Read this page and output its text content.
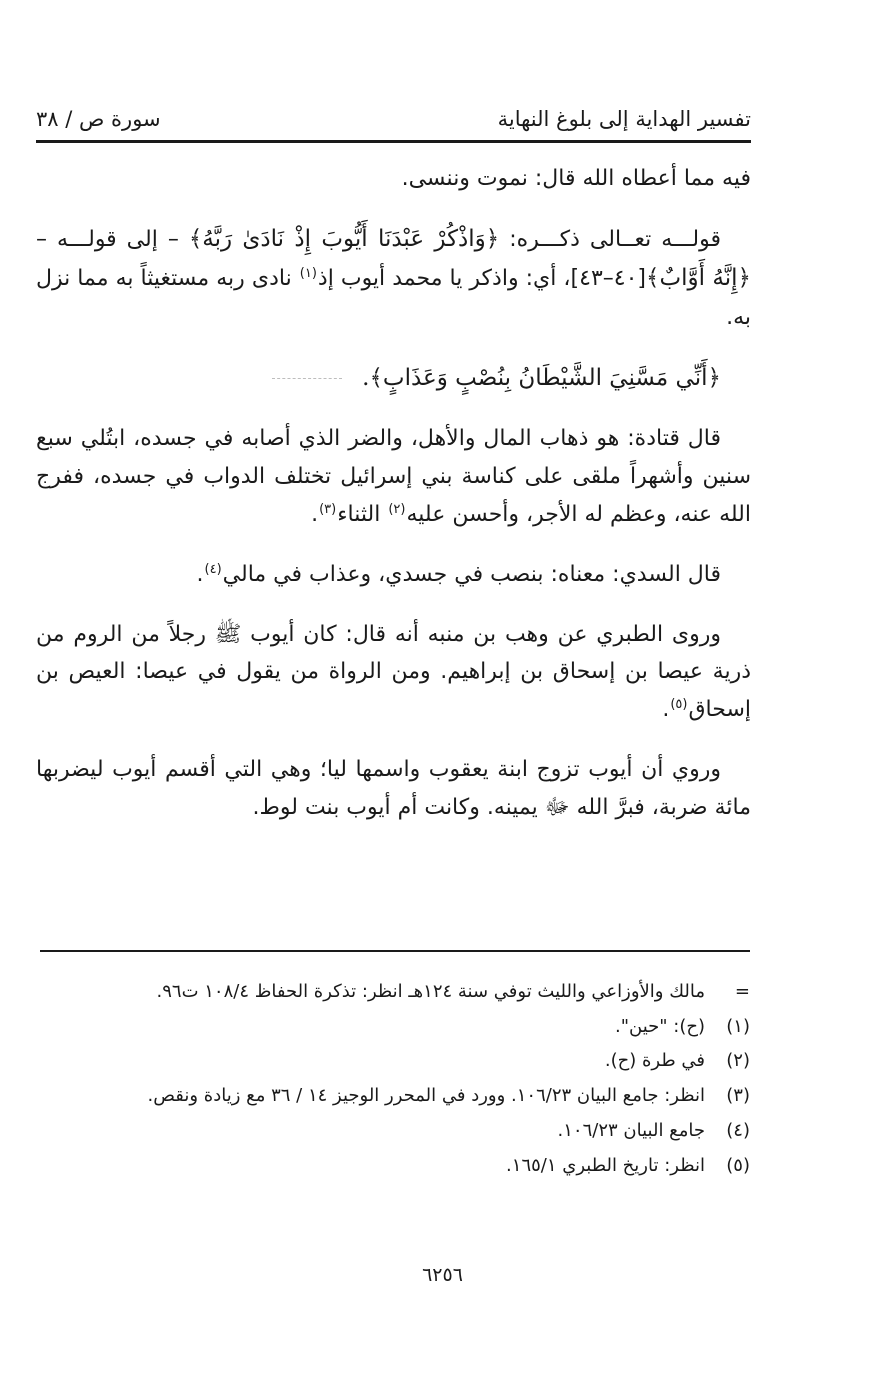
تفسير الهداية إلى بلوغ النهاية
سورة ص / ٣٨

فيه مما أعطاه الله قال: نموت وننسى.

قولـــه تعــالى ذكـــره: ﴿وَاذْكُرْ عَبْدَنَا أَيُّوبَ إِذْ نَادَىٰ رَبَّهُ﴾ – إلى قولـــه – ﴿إِنَّهُ أَوَّابٌ﴾[٤٠–٤٣]، أي: واذكر يا محمد أيوب إذ$^{(١)}$ نادى ربه مستغيثاً به مما نزل به.

﴿أَنِّي مَسَّنِيَ الشَّيْطَانُ بِنُصْبٍ وَعَذَابٍ﴾.

قال قتادة: هو ذهاب المال والأهل، والضر الذي أصابه في جسده، ابتُلي سبع سنين وأشهراً ملقى على كناسة بني إسرائيل تختلف الدواب في جسده، ففرج الله عنه، وعظم له الأجر، وأحسن عليه$^{(٢)}$ الثناء$^{(٣)}$.

قال السدي: معناه: بنصب في جسدي، وعذاب في مالي$^{(٤)}$.

وروى الطبري عن وهب بن منبه أنه قال: كان أيوب ﷺ رجلاً من الروم من ذرية عيصا بن إسحاق بن إبراهيم. ومن الرواة من يقول في عيصا: العيص بن إسحاق$^{(٥)}$.

وروي أن أيوب تزوج ابنة يعقوب واسمها ليا؛ وهي التي أقسم أيوب ليضربها مائة ضربة، فبرَّ الله ﷻ يمينه. وكانت أم أيوب بنت لوط.

=
مالك والأوزاعي والليث توفي سنة ١٢٤هـ انظر: تذكرة الحفاظ ١٠٨/٤ ت٩٦.
(١)
(ح): "حين".
(٢)
في طرة (ح).
(٣)
انظر: جامع البيان ١٠٦/٢٣. وورد في المحرر الوجيز ١٤ / ٣٦ مع زيادة ونقص.
(٤)
جامع البيان ١٠٦/٢٣.
(٥)
انظر: تاريخ الطبري ١٦٥/١.
٦٢٥٦
